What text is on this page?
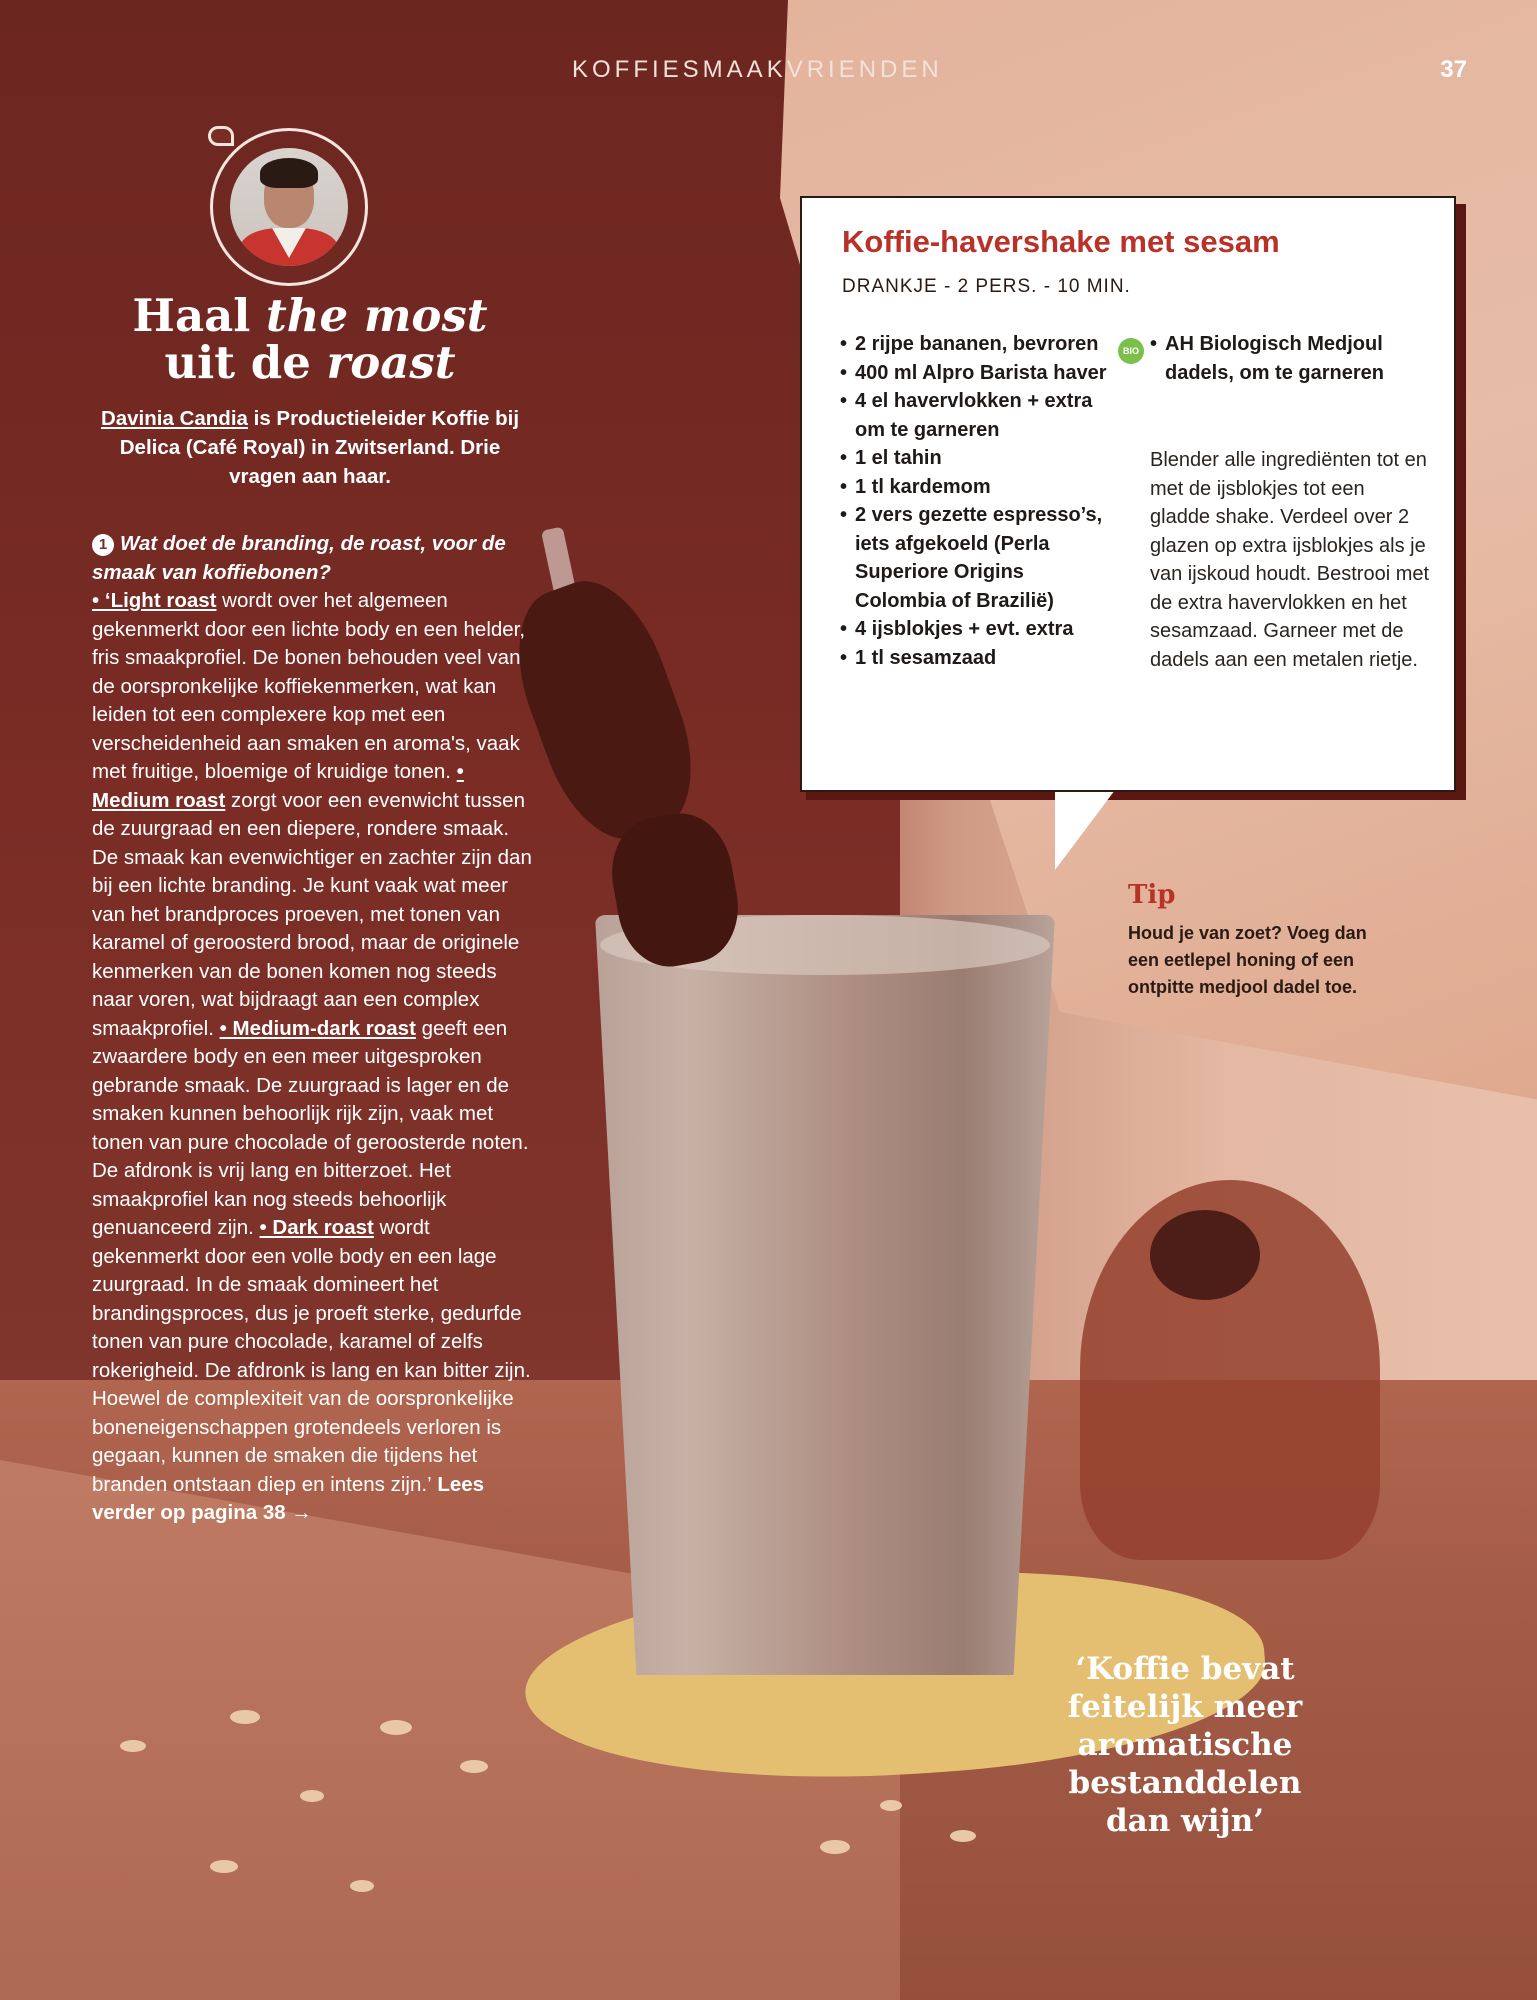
KOFFIESMAAKVRIENDEN	37
Haal the most
uit de roast
Davinia Candia is Productieleider Koffie bij Delica (Café Royal) in Zwitserland. Drie vragen aan haar.

1 Wat doet de branding, de roast, voor de smaak van koffiebonen?

• ‘Light roast wordt over het algemeen gekenmerkt door een lichte body en een helder, fris smaakprofiel. De bonen behouden veel van de oorspronkelijke koffiekenmerken, wat kan leiden tot een complexere kop met een verscheidenheid aan smaken en aroma's, vaak met fruitige, bloemige of kruidige tonen. • Medium roast zorgt voor een evenwicht tussen de zuurgraad en een diepere, rondere smaak. De smaak kan evenwichtiger en zachter zijn dan bij een lichte branding. Je kunt vaak wat meer van het brandproces proeven, met tonen van karamel of geroosterd brood, maar de originele kenmerken van de bonen komen nog steeds naar voren, wat bijdraagt aan een complex smaakprofiel. • Medium-dark roast geeft een zwaardere body en een meer uitgesproken gebrande smaak. De zuurgraad is lager en de smaken kunnen behoorlijk rijk zijn, vaak met tonen van pure chocolade of geroosterde noten. De afdronk is vrij lang en bitterzoet. Het smaakprofiel kan nog steeds behoorlijk genuanceerd zijn. • Dark roast wordt gekenmerkt door een volle body en een lage zuurgraad. In de smaak domineert het brandingsproces, dus je proeft sterke, gedurfde tonen van pure chocolade, karamel of zelfs rokerigheid. De afdronk is lang en kan bitter zijn. Hoewel de complexiteit van de oorspronkelijke boneneigenschappen grotendeels verloren is gegaan, kunnen de smaken die tijdens het branden ontstaan diep en intens zijn.’ Lees verder op pagina 38 →

Koffie-havershake met sesam
DRANKJE - 2 PERS. - 10 MIN.
• 2 rijpe bananen, bevroren
• 400 ml Alpro Barista haver
• 4 el havervlokken + extra om te garneren
• 1 el tahin
• 1 tl kardemom
• 2 vers gezette espresso’s, iets afgekoeld (Perla Superiore Origins Colombia of Brazilië)
• 4 ijsblokjes + evt. extra
• 1 tl sesamzaad
BIO
•	AH Biologisch Medjoul dadels, om te garneren
Blender alle ingrediënten tot en met de ijsblokjes tot een gladde shake. Verdeel over 2 glazen op extra ijsblokjes als je van ijskoud houdt. Bestrooi met de extra havervlokken en het sesamzaad. Garneer met de dadels aan een metalen rietje.
Tip
Houd je van zoet? Voeg dan een eetlepel honing of een ontpitte medjool dadel toe.
‘Koffie bevat feitelijk meer aromatische bestanddelen dan wijn’
